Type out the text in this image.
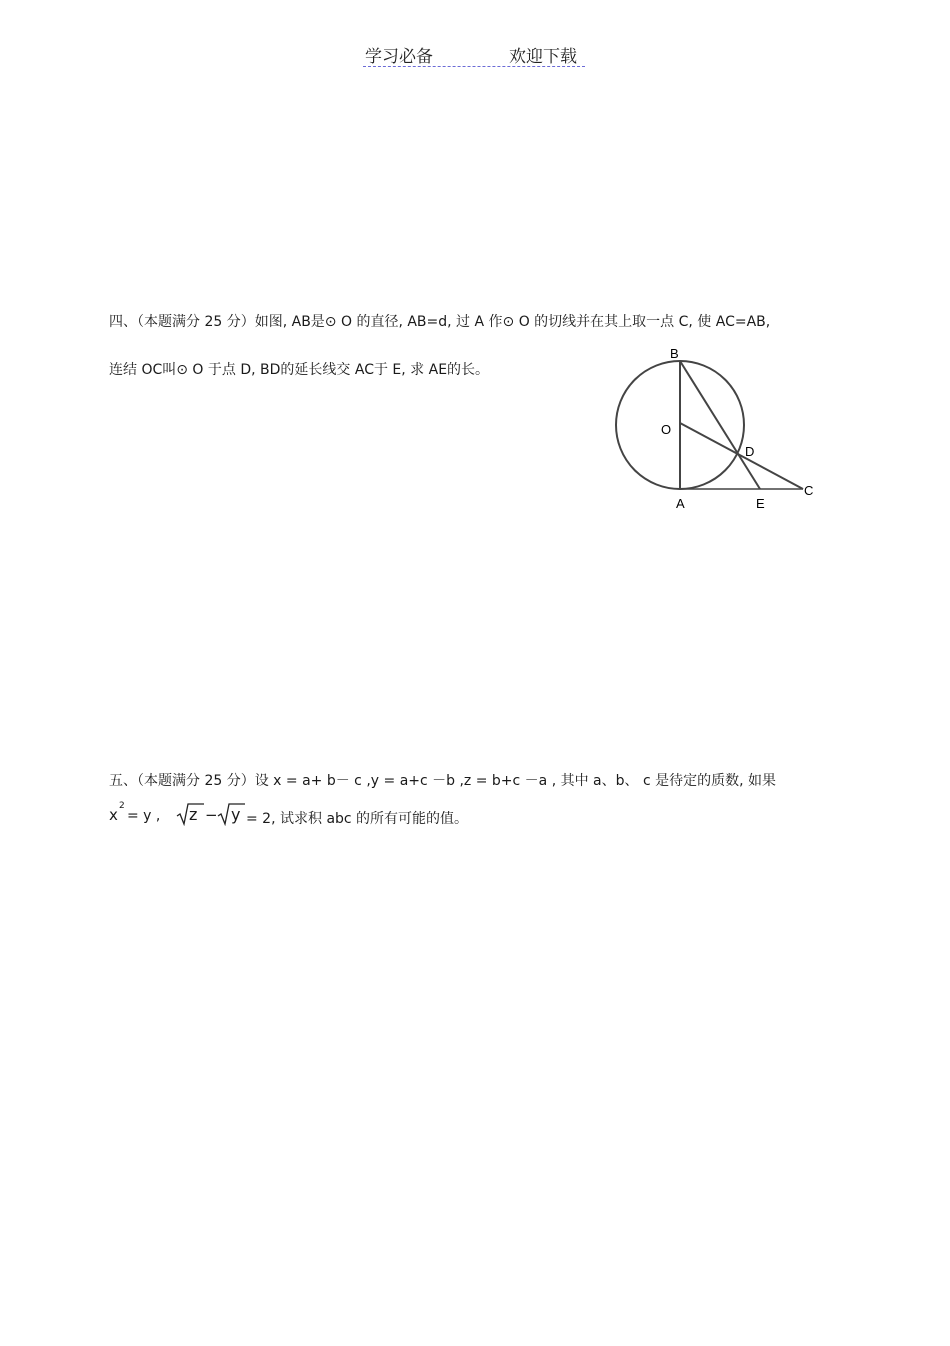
学习必备	欢迎下载
四、（本题满分 25 分）如图, AB是⊙ O 的直径, AB=d, 过 A 作⊙ O 的切线并在其上取一点 C, 使 AC=AB,
连结 OC叫⊙ O 于点 D, BD的延长线交 AC于 E, 求 AE的长。
B
O
D
A	E
C
五、（本题满分 25 分）设 x = a+ b－ c ,y = a+c －b ,z = b+c －a , 其中 a、b、 c 是待定的质数, 如果
x 2
= y , z − y = 2, 试求积 abc 的所有可能的值。
